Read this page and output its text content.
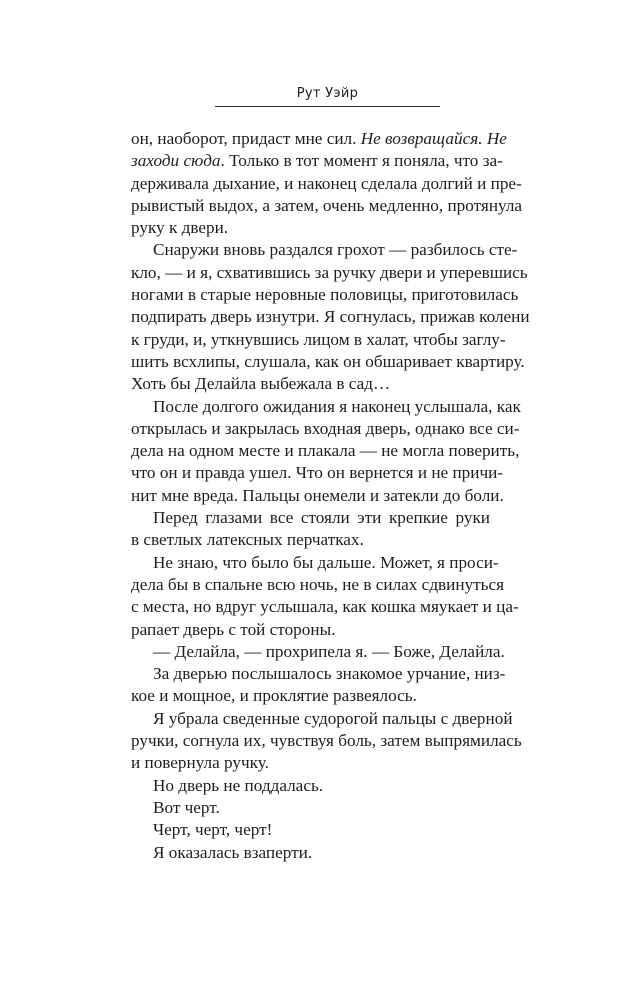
Рут Уэйр
он, наоборот, придаст мне сил. Не возвращайся. Не
заходи сюда. Только в тот момент я поняла, что за-
держивала дыхание, и наконец сделала долгий и пре-
рывистый выдох, а затем, очень медленно, протянула
руку к двери.
Снаружи вновь раздался грохот — разбилось сте-
кло, — и я, схватившись за ручку двери и уперевшись
ногами в старые неровные половицы, приготовилась
подпирать дверь изнутри. Я согнулась, прижав колени
к груди, и, уткнувшись лицом в халат, чтобы заглу-
шить всхлипы, слушала, как он обшаривает квартиру.
Хоть бы Делайла выбежала в сад…
После долгого ожидания я наконец услышала, как
открылась и закрылась входная дверь, однако все си-
дела на одном месте и плакала — не могла поверить,
что он и правда ушел. Что он вернется и не причи-
нит мне вреда. Пальцы онемели и затекли до боли.
Перед глазами все стояли эти крепкие руки
в светлых латексных перчатках.
Не знаю, что было бы дальше. Может, я проси-
дела бы в спальне всю ночь, не в силах сдвинуться
с места, но вдруг услышала, как кошка мяукает и ца-
рапает дверь с той стороны.
— Делайла, — прохрипела я. — Боже, Делайла.
За дверью послышалось знакомое урчание, низ-
кое и мощное, и проклятие развеялось.
Я убрала сведенные судорогой пальцы с дверной
ручки, согнула их, чувствуя боль, затем выпрямилась
и повернула ручку.
Но дверь не поддалась.
Вот черт.
Черт, черт, черт!
Я оказалась взаперти.
